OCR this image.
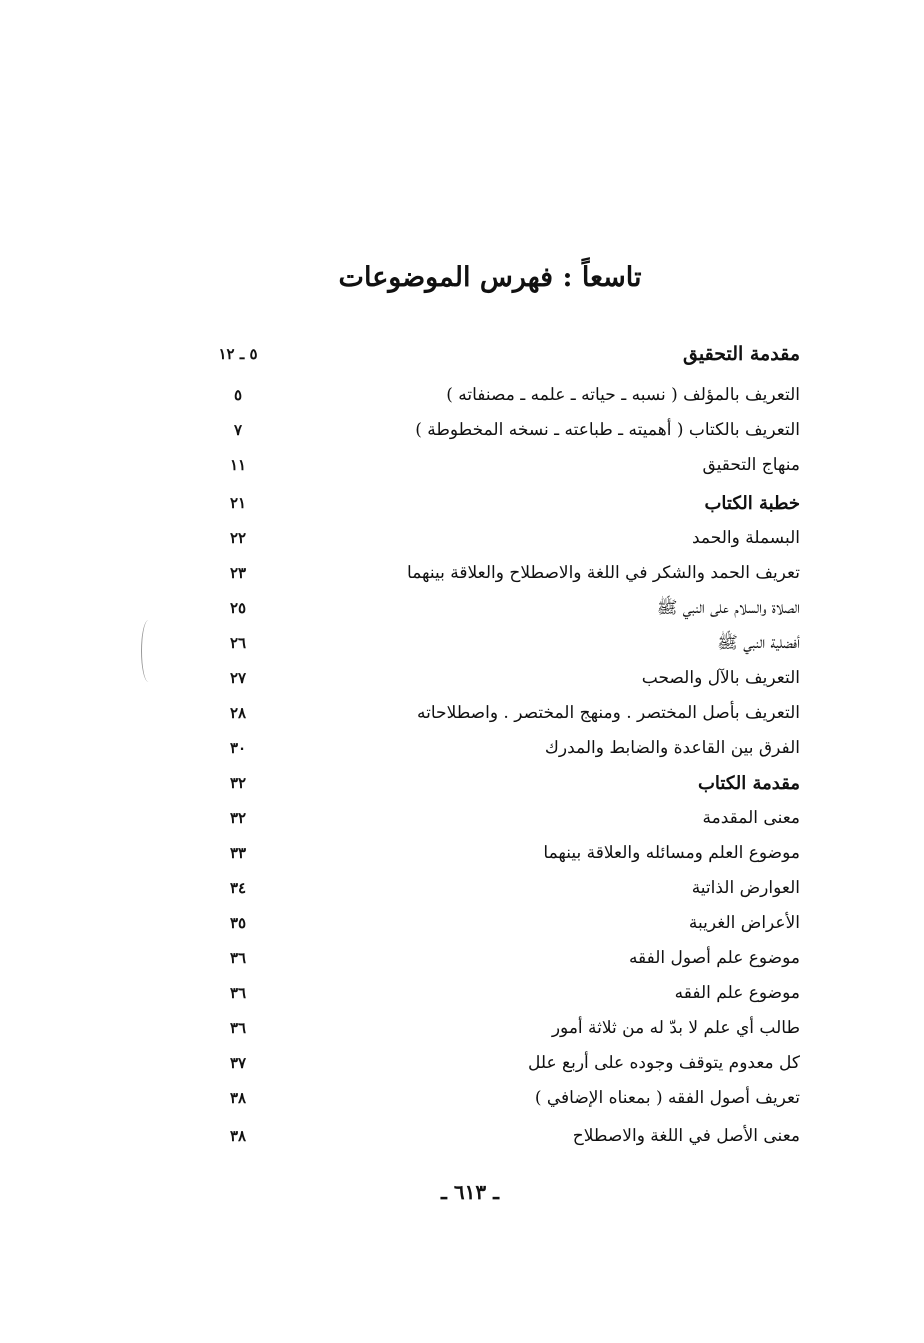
تاسعاً : فهرس الموضوعات
مقدمة التحقيق
٥ ـ ١٢
التعريف بالمؤلف ( نسبه ـ حياته ـ علمه ـ مصنفاته )
٥
التعريف بالكتاب ( أهميته ـ طباعته ـ نسخه المخطوطة )
٧
منهاج التحقيق
١١
خطبة الكتاب
٢١
البسملة والحمد
٢٢
تعريف الحمد والشكر في اللغة والاصطلاح والعلاقة بينهما
٢٣
الصلاة والسلام على النبي ﷺ
٢٥
أفضلية النبي ﷺ
٢٦
التعريف بالآل والصحب
٢٧
التعريف بأصل المختصر . ومنهج المختصر . واصطلاحاته
٢٨
الفرق بين القاعدة والضابط والمدرك
٣٠
مقدمة الكتاب
٣٢
معنى المقدمة
٣٢
موضوع العلم ومسائله والعلاقة بينهما
٣٣
العوارض الذاتية
٣٤
الأعراض الغريبة
٣٥
موضوع علم أصول الفقه
٣٦
موضوع علم الفقه
٣٦
طالب أي علم لا بدّ له من ثلاثة أمور
٣٦
كل معدوم يتوقف وجوده على أربع علل
٣٧
تعريف أصول الفقه ( بمعناه الإضافي )
٣٨
معنى الأصل في اللغة والاصطلاح
٣٨
ـ ٦١٣ ـ
